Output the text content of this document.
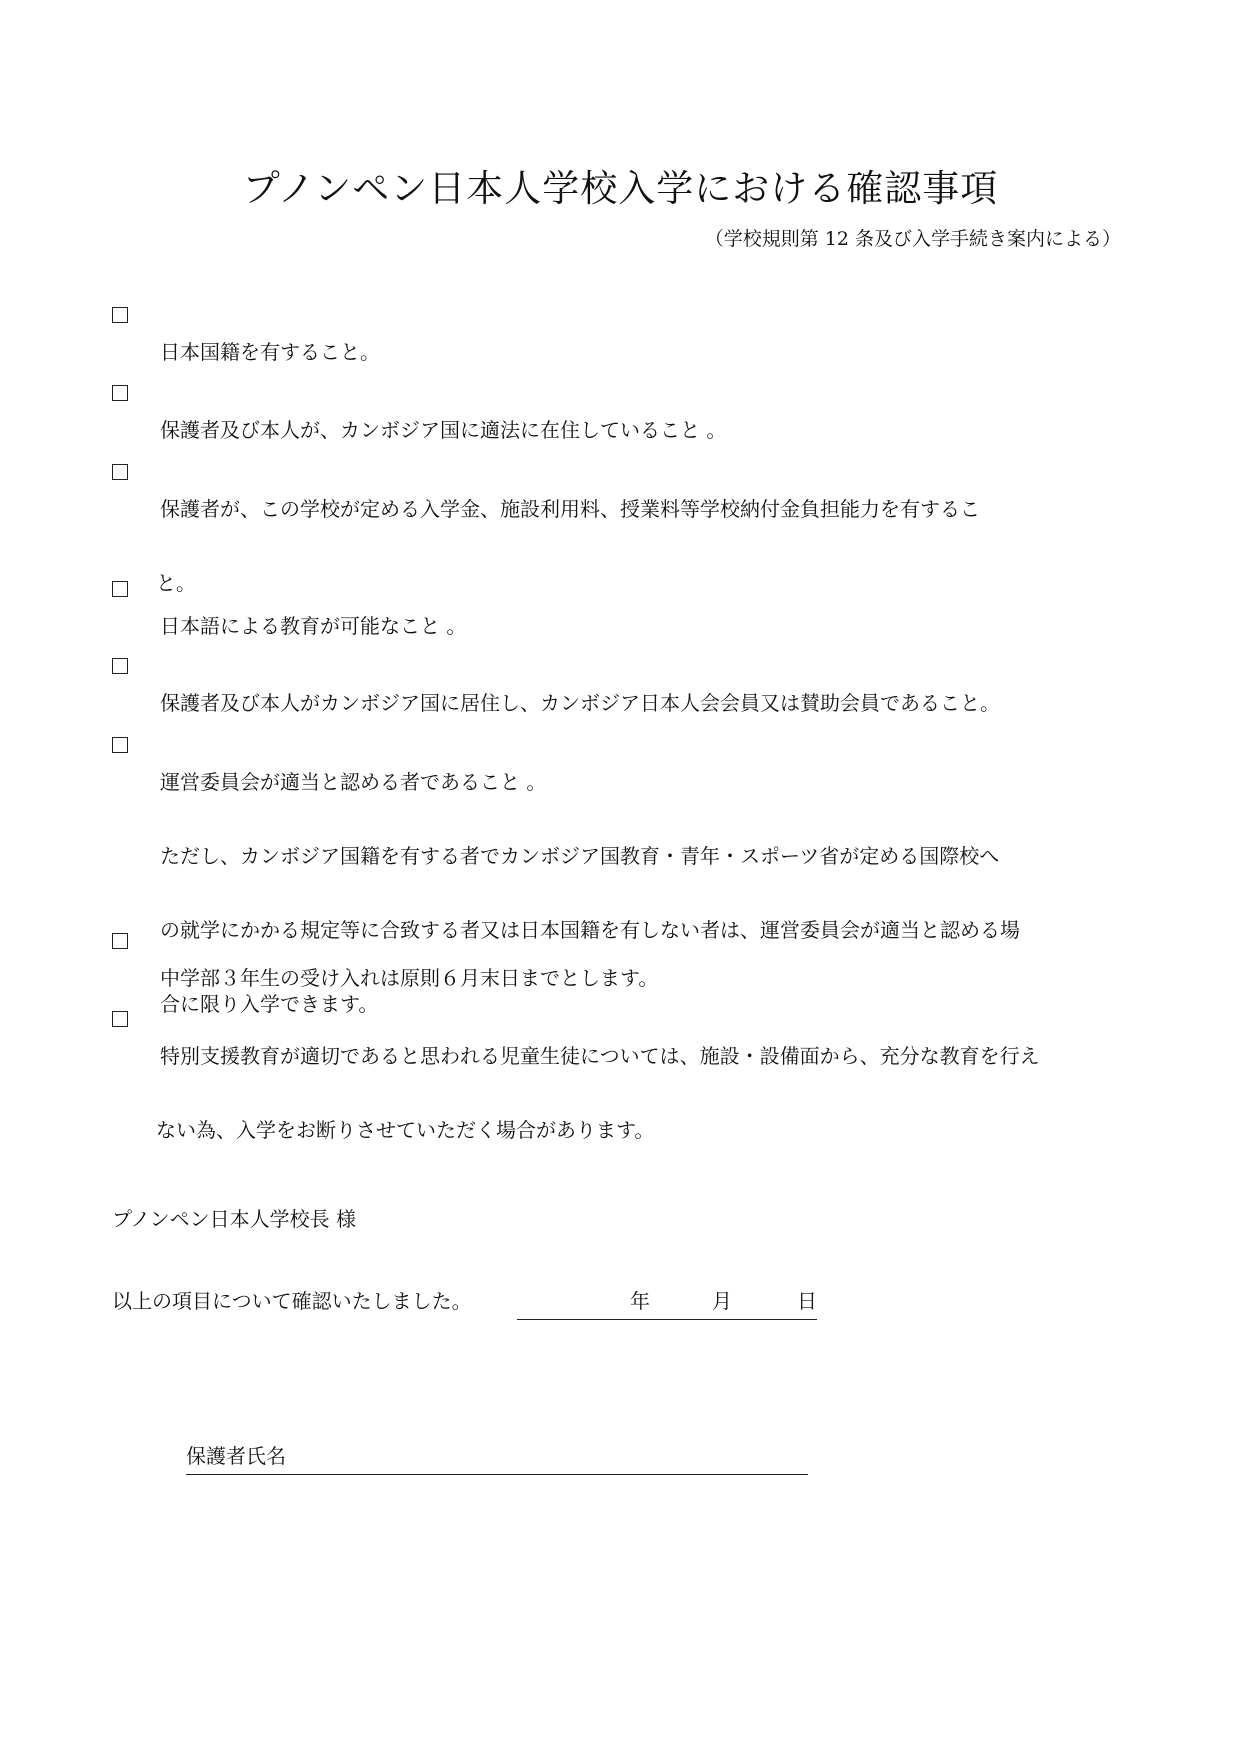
プノンペン日本人学校入学における確認事項

（学校規則第 12 条及び入学手続き案内による）

日本国籍を有すること。

保護者及び本人が、カンボジア国に適法に在住していること 。

保護者が、この学校が定める入学金、施設利用料、授業料等学校納付金負担能力を有するこ

と。

日本語による教育が可能なこと 。

保護者及び本人がカンボジア国に居住し、カンボジア日本人会会員又は賛助会員であること。

運営委員会が適当と認める者であること 。

ただし、カンボジア国籍を有する者でカンボジア国教育・青年・スポーツ省が定める国際校へ

の就学にかかる規定等に合致する者又は日本国籍を有しない者は、運営委員会が適当と認める場

合に限り入学できます。

中学部３年生の受け入れは原則６月末日までとします。

特別支援教育が適切であると思われる児童生徒については、施設・設備面から、充分な教育を行え

ない為、入学をお断りさせていただく場合があります。

プノンペン日本人学校長 様
以上の項目について確認いたしました。	年	月	日
保護者氏名
